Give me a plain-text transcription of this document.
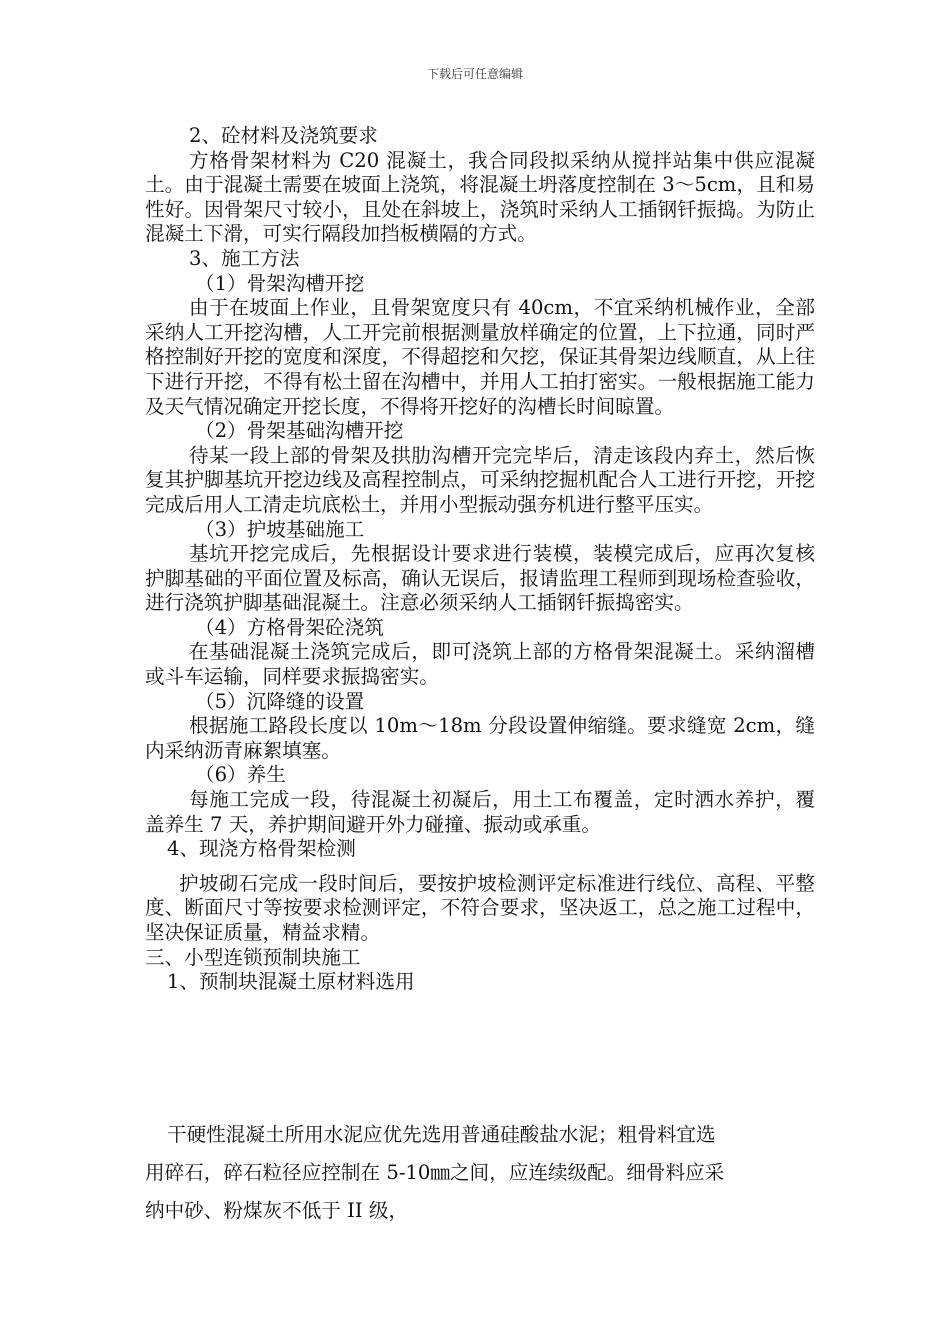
下载后可任意编辑

2、砼材料及浇筑要求

方格骨架材料为 C20 混凝土，我合同段拟采纳从搅拌站集中供应混凝土。由于混凝土需要在坡面上浇筑，将混凝土坍落度控制在 3～5cm，且和易性好。因骨架尺寸较小，且处在斜坡上，浇筑时采纳人工插钢钎振捣。为防止混凝土下滑，可实行隔段加挡板横隔的方式。

3、施工方法

（1）骨架沟槽开挖

由于在坡面上作业，且骨架宽度只有 40cm，不宜采纳机械作业，全部采纳人工开挖沟槽，人工开完前根据测量放样确定的位置，上下拉通，同时严格控制好开挖的宽度和深度，不得超挖和欠挖，保证其骨架边线顺直，从上往下进行开挖，不得有松土留在沟槽中，并用人工拍打密实。一般根据施工能力及天气情况确定开挖长度，不得将开挖好的沟槽长时间晾置。

（2）骨架基础沟槽开挖

待某一段上部的骨架及拱肋沟槽开完完毕后，清走该段内弃土，然后恢复其护脚基坑开挖边线及高程控制点，可采纳挖掘机配合人工进行开挖，开挖完成后用人工清走坑底松土，并用小型振动强夯机进行整平压实。

（3）护坡基础施工

基坑开挖完成后，先根据设计要求进行装模，装模完成后，应再次复核护脚基础的平面位置及标高，确认无误后，报请监理工程师到现场检查验收，进行浇筑护脚基础混凝土。注意必须采纳人工插钢钎振捣密实。

（4）方格骨架砼浇筑

在基础混凝土浇筑完成后，即可浇筑上部的方格骨架混凝土。采纳溜槽或斗车运输，同样要求振捣密实。

（5）沉降缝的设置

根据施工路段长度以 10m～18m 分段设置伸缩缝。要求缝宽 2cm，缝内采纳沥青麻絮填塞。

（6）养生

每施工完成一段，待混凝土初凝后，用土工布覆盖，定时洒水养护，覆盖养生 7 天，养护期间避开外力碰撞、振动或承重。

4、现浇方格骨架检测

护坡砌石完成一段时间后，要按护坡检测评定标准进行线位、高程、平整度、断面尺寸等按要求检测评定，不符合要求，坚决返工，总之施工过程中，坚决保证质量，精益求精。

三、小型连锁预制块施工

1、预制块混凝土原材料选用

干硬性混凝土所用水泥应优先选用普通硅酸盐水泥；粗骨料宜选

用碎石，碎石粒径应控制在 5-10㎜之间，应连续级配。细骨料应采

纳中砂、粉煤灰不低于 II 级，
